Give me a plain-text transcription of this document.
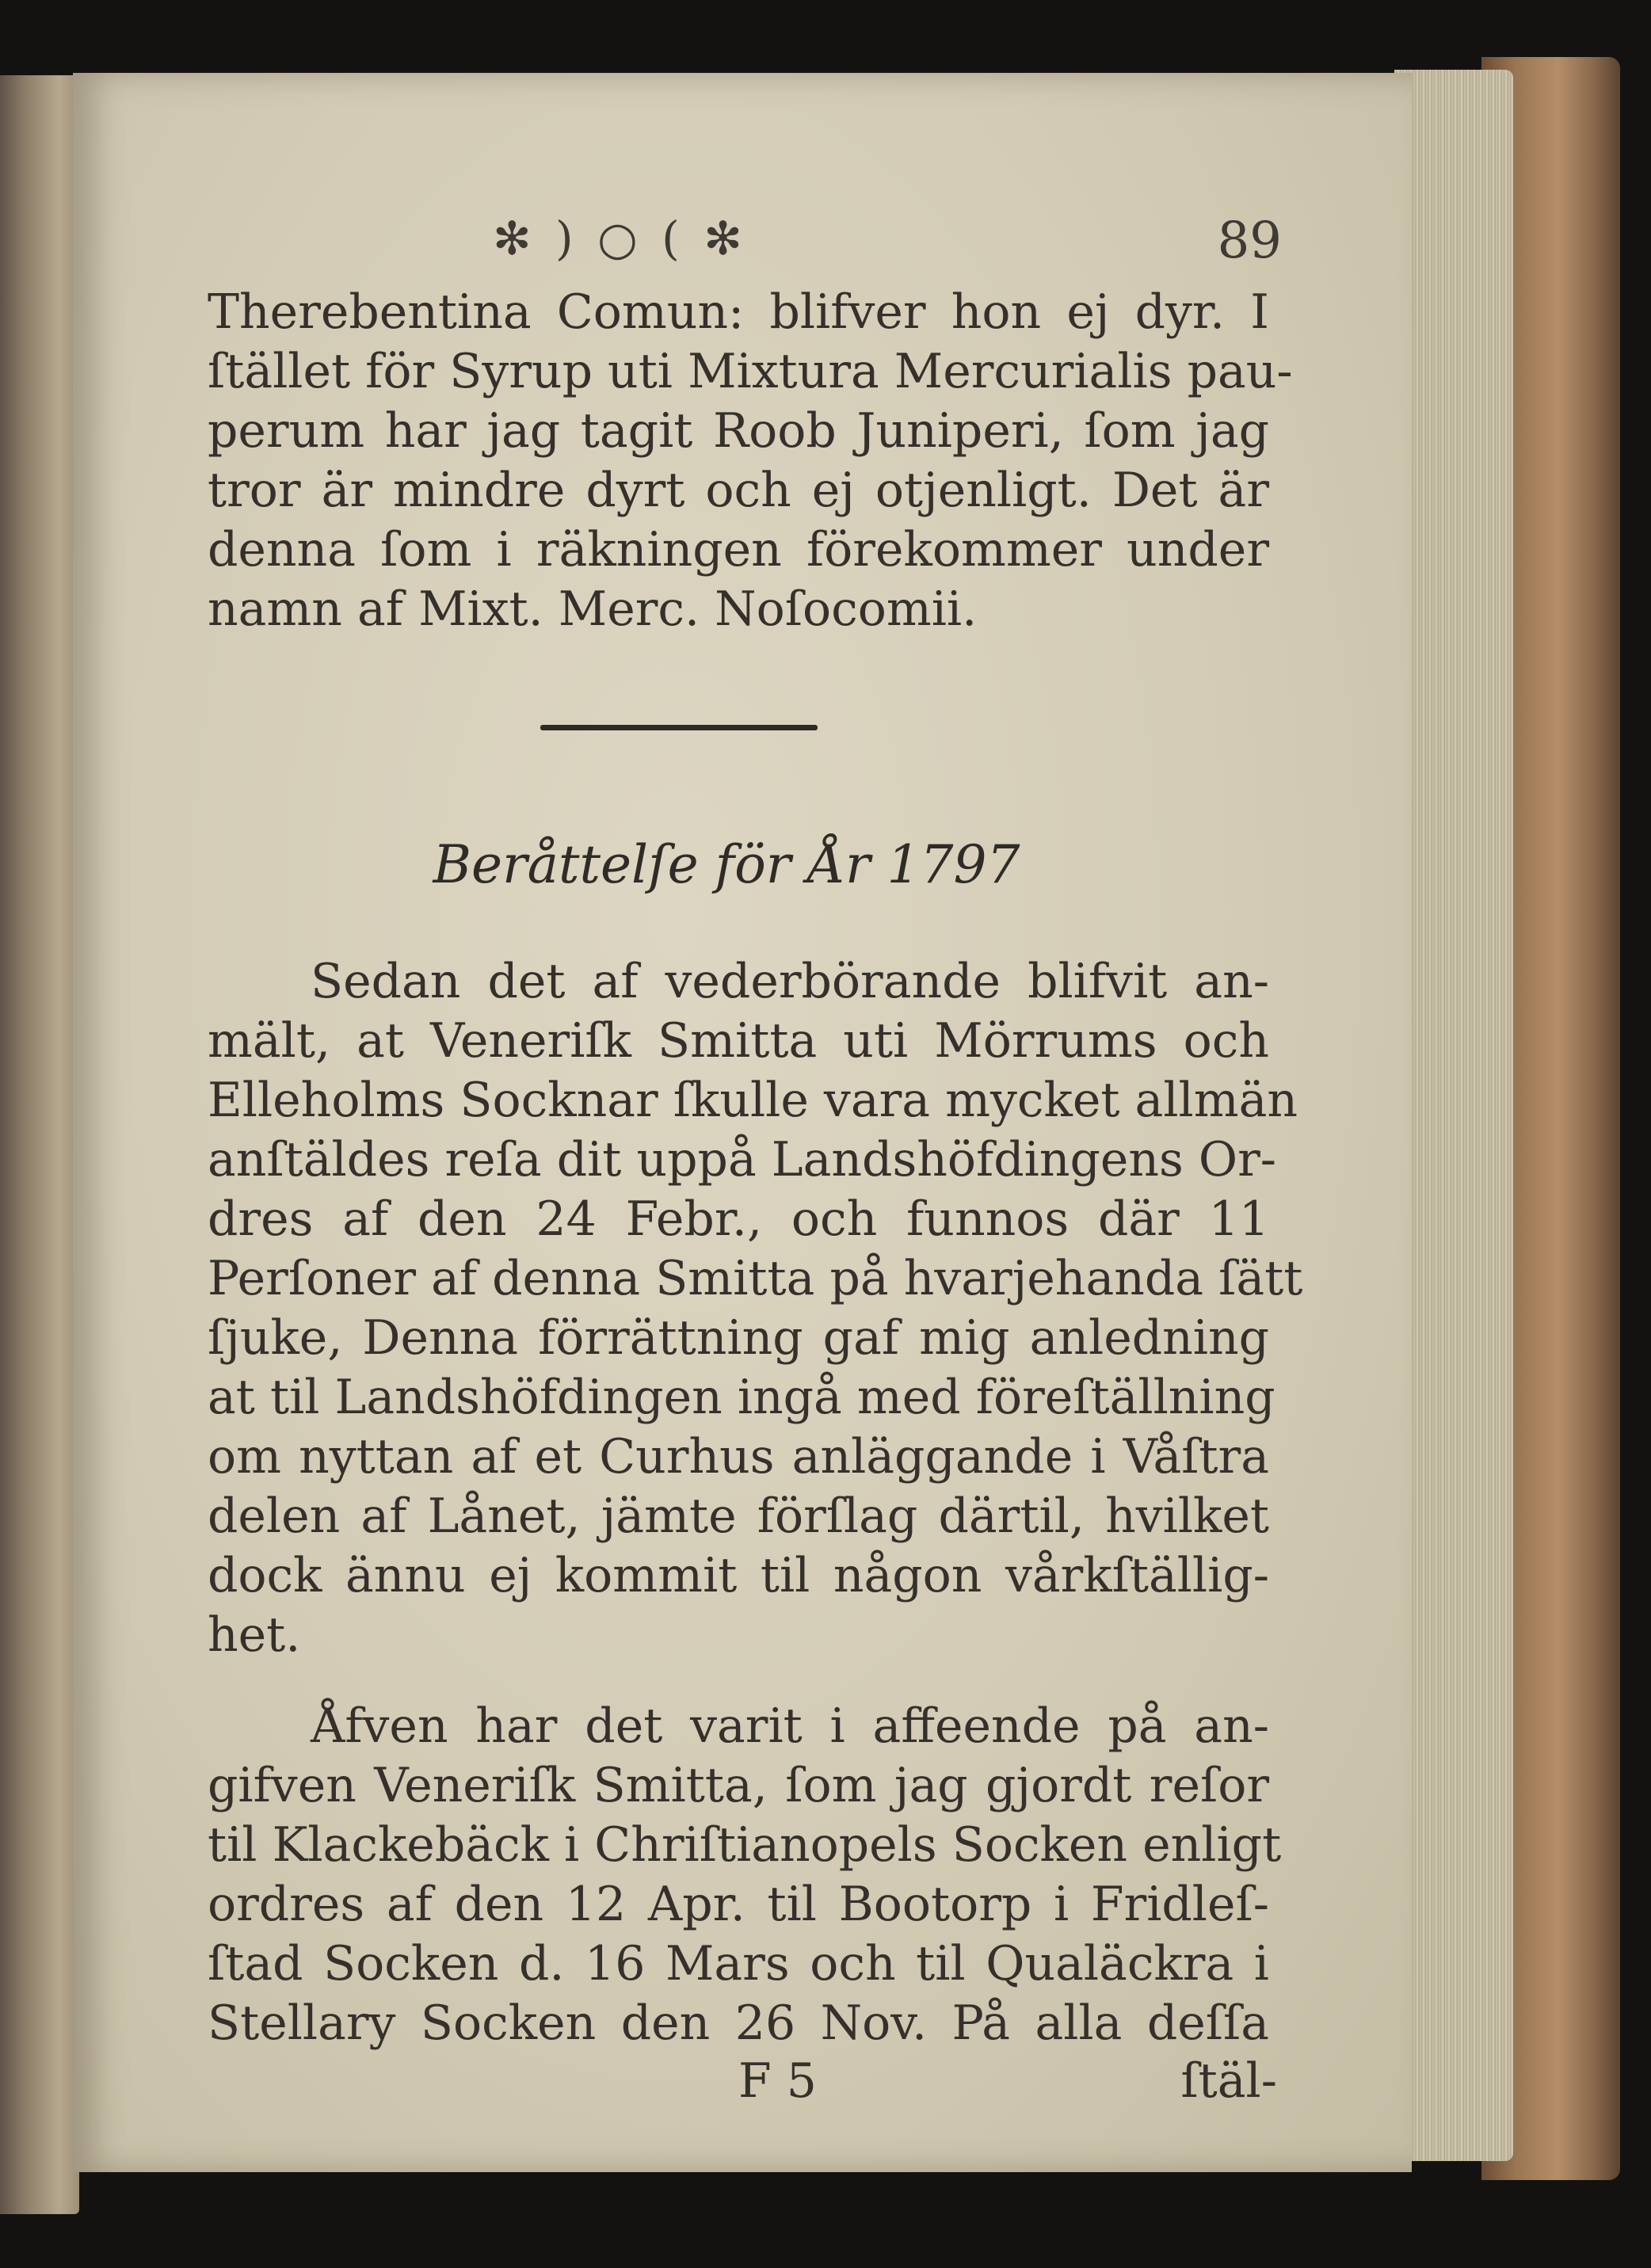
✻ ) ○ ( ✻	89
Therebentina Comun: blifver hon ej dyr. I
ſtället för Syrup uti Mixtura Mercurialis pau-
perum har jag tagit Roob Juniperi, ſom jag
tror är mindre dyrt och ej otjenligt. Det är
denna ſom i räkningen förekommer under
namn af Mixt. Merc. Noſocomii.
Beråttelſe för År 1797
Sedan det af vederbörande blifvit an-
mält, at Veneriſk Smitta uti Mörrums och
Elleholms Socknar ſkulle vara mycket allmän
anſtäldes reſa dit uppå Landshöfdingens Or-
dres af den 24 Febr., och funnos där 11
Perſoner af denna Smitta på hvarjehanda ſätt
ſjuke, Denna förrättning gaf mig anledning
at til Landshöfdingen ingå med föreſtällning
om nyttan af et Curhus anläggande i Våſtra
delen af Lånet, jämte förſlag därtil, hvilket
dock ännu ej kommit til någon vårkſtällig-
het.
Åfven har det varit i affeende på an-
gifven Veneriſk Smitta, ſom jag gjordt reſor
til Klackebäck i Chriſtianopels Socken enligt
ordres af den 12 Apr. til Bootorp i Fridleſ-
ſtad Socken d. 16 Mars och til Qualäckra i
Stellary Socken den 26 Nov. På alla deſſa
F 5	ſtäl-
